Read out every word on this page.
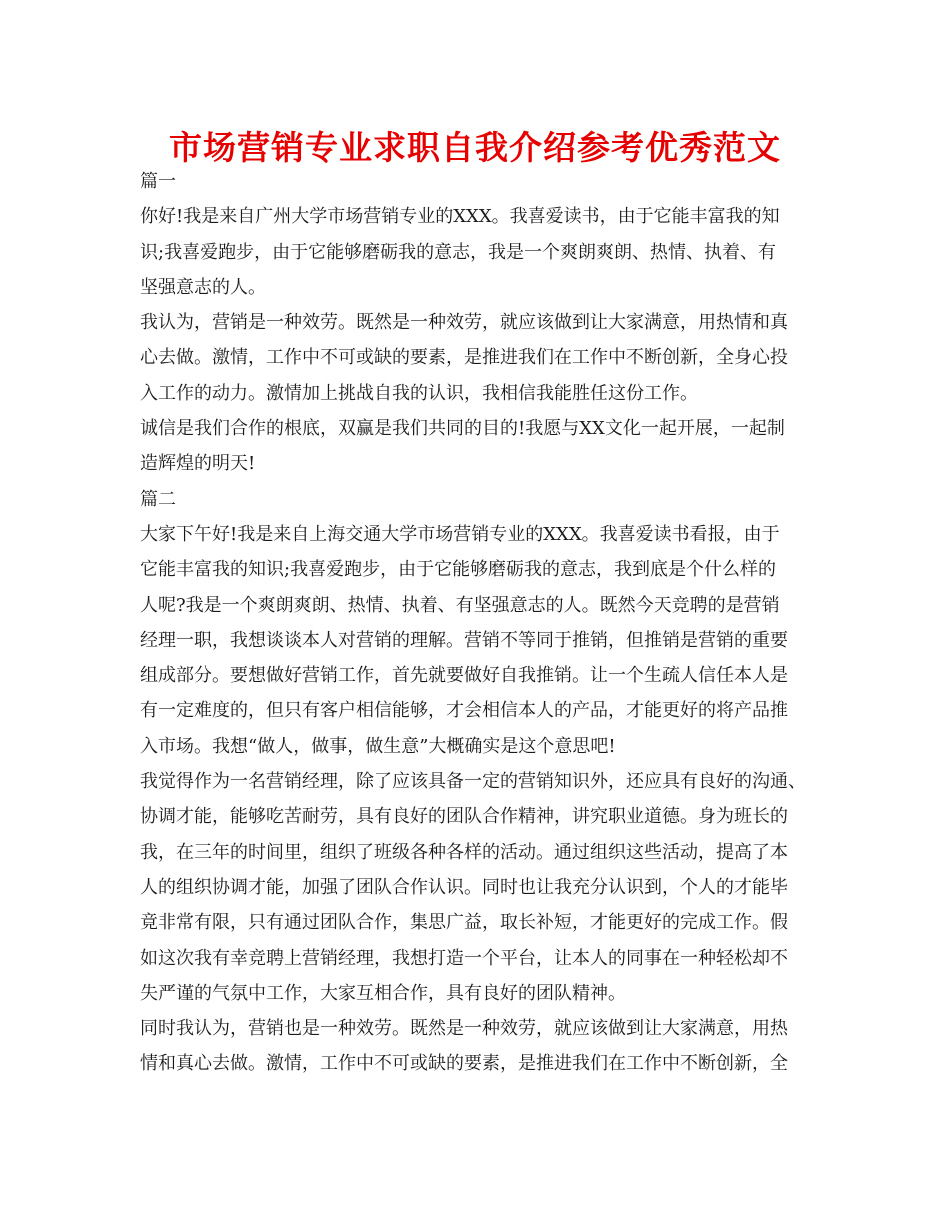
市场营销专业求职自我介绍参考优秀范文
篇一
你好!我是来自广州大学市场营销专业的XXX。我喜爱读书，由于它能丰富我的知
识;我喜爱跑步，由于它能够磨砺我的意志，我是一个爽朗爽朗、热情、执着、有
坚强意志的人。
我认为，营销是一种效劳。既然是一种效劳，就应该做到让大家满意，用热情和真
心去做。激情，工作中不可或缺的要素，是推进我们在工作中不断创新，全身心投
入工作的动力。激情加上挑战自我的认识，我相信我能胜任这份工作。
诚信是我们合作的根底，双赢是我们共同的目的!我愿与XX文化一起开展，一起制
造辉煌的明天!
篇二
大家下午好!我是来自上海交通大学市场营销专业的XXX。我喜爱读书看报，由于
它能丰富我的知识;我喜爱跑步，由于它能够磨砺我的意志，我到底是个什么样的
人呢?我是一个爽朗爽朗、热情、执着、有坚强意志的人。既然今天竞聘的是营销
经理一职，我想谈谈本人对营销的理解。营销不等同于推销，但推销是营销的重要
组成部分。要想做好营销工作，首先就要做好自我推销。让一个生疏人信任本人是
有一定难度的，但只有客户相信能够，才会相信本人的产品，才能更好的将产品推
入市场。我想“做人，做事，做生意”大概确实是这个意思吧!
我觉得作为一名营销经理，除了应该具备一定的营销知识外，还应具有良好的沟通、
协调才能，能够吃苦耐劳，具有良好的团队合作精神，讲究职业道德。身为班长的
我，在三年的时间里，组织了班级各种各样的活动。通过组织这些活动，提高了本
人的组织协调才能，加强了团队合作认识。同时也让我充分认识到，个人的才能毕
竟非常有限，只有通过团队合作，集思广益，取长补短，才能更好的完成工作。假
如这次我有幸竞聘上营销经理，我想打造一个平台，让本人的同事在一种轻松却不
失严谨的气氛中工作，大家互相合作，具有良好的团队精神。
同时我认为，营销也是一种效劳。既然是一种效劳，就应该做到让大家满意，用热
情和真心去做。激情，工作中不可或缺的要素，是推进我们在工作中不断创新，全
